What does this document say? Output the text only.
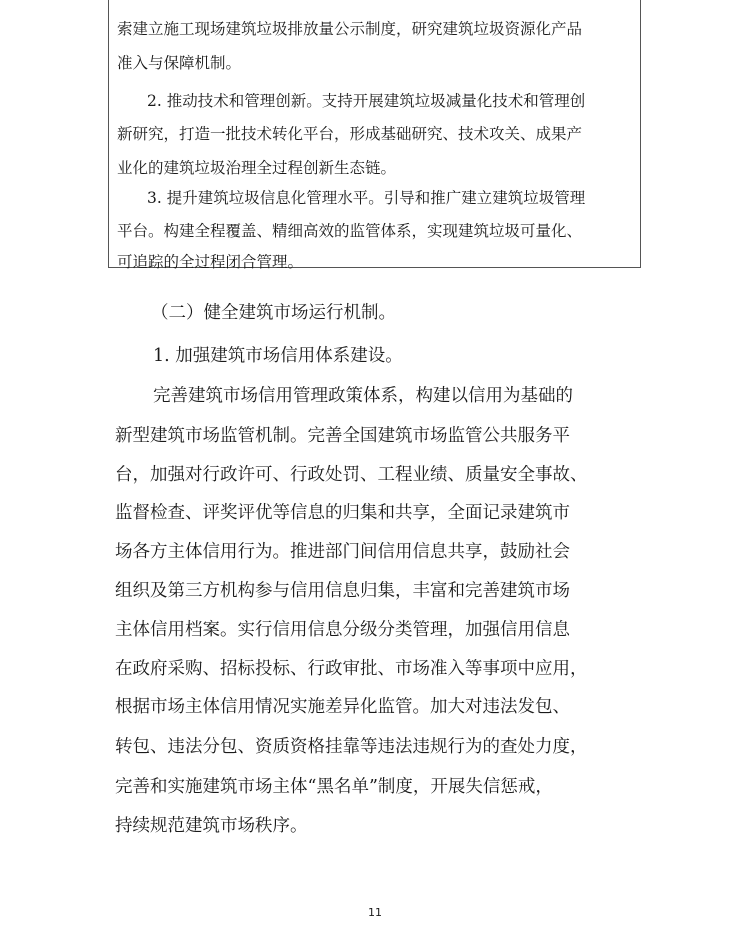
索建立施工现场建筑垃圾排放量公示制度，研究建筑垃圾资源化产品
准入与保障机制。
2. 推动技术和管理创新。支持开展建筑垃圾减量化技术和管理创
新研究，打造一批技术转化平台，形成基础研究、技术攻关、成果产
业化的建筑垃圾治理全过程创新生态链。
3. 提升建筑垃圾信息化管理水平。引导和推广建立建筑垃圾管理
平台。构建全程覆盖、精细高效的监管体系，实现建筑垃圾可量化、
可追踪的全过程闭合管理。
（二）健全建筑市场运行机制。
1. 加强建筑市场信用体系建设。
完善建筑市场信用管理政策体系，构建以信用为基础的
新型建筑市场监管机制。完善全国建筑市场监管公共服务平
台，加强对行政许可、行政处罚、工程业绩、质量安全事故、
监督检查、评奖评优等信息的归集和共享，全面记录建筑市
场各方主体信用行为。推进部门间信用信息共享，鼓励社会
组织及第三方机构参与信用信息归集，丰富和完善建筑市场
主体信用档案。实行信用信息分级分类管理，加强信用信息
在政府采购、招标投标、行政审批、市场准入等事项中应用，
根据市场主体信用情况实施差异化监管。加大对违法发包、
转包、违法分包、资质资格挂靠等违法违规行为的查处力度，
完善和实施建筑市场主体“黑名单”制度，开展失信惩戒，
持续规范建筑市场秩序。
11
